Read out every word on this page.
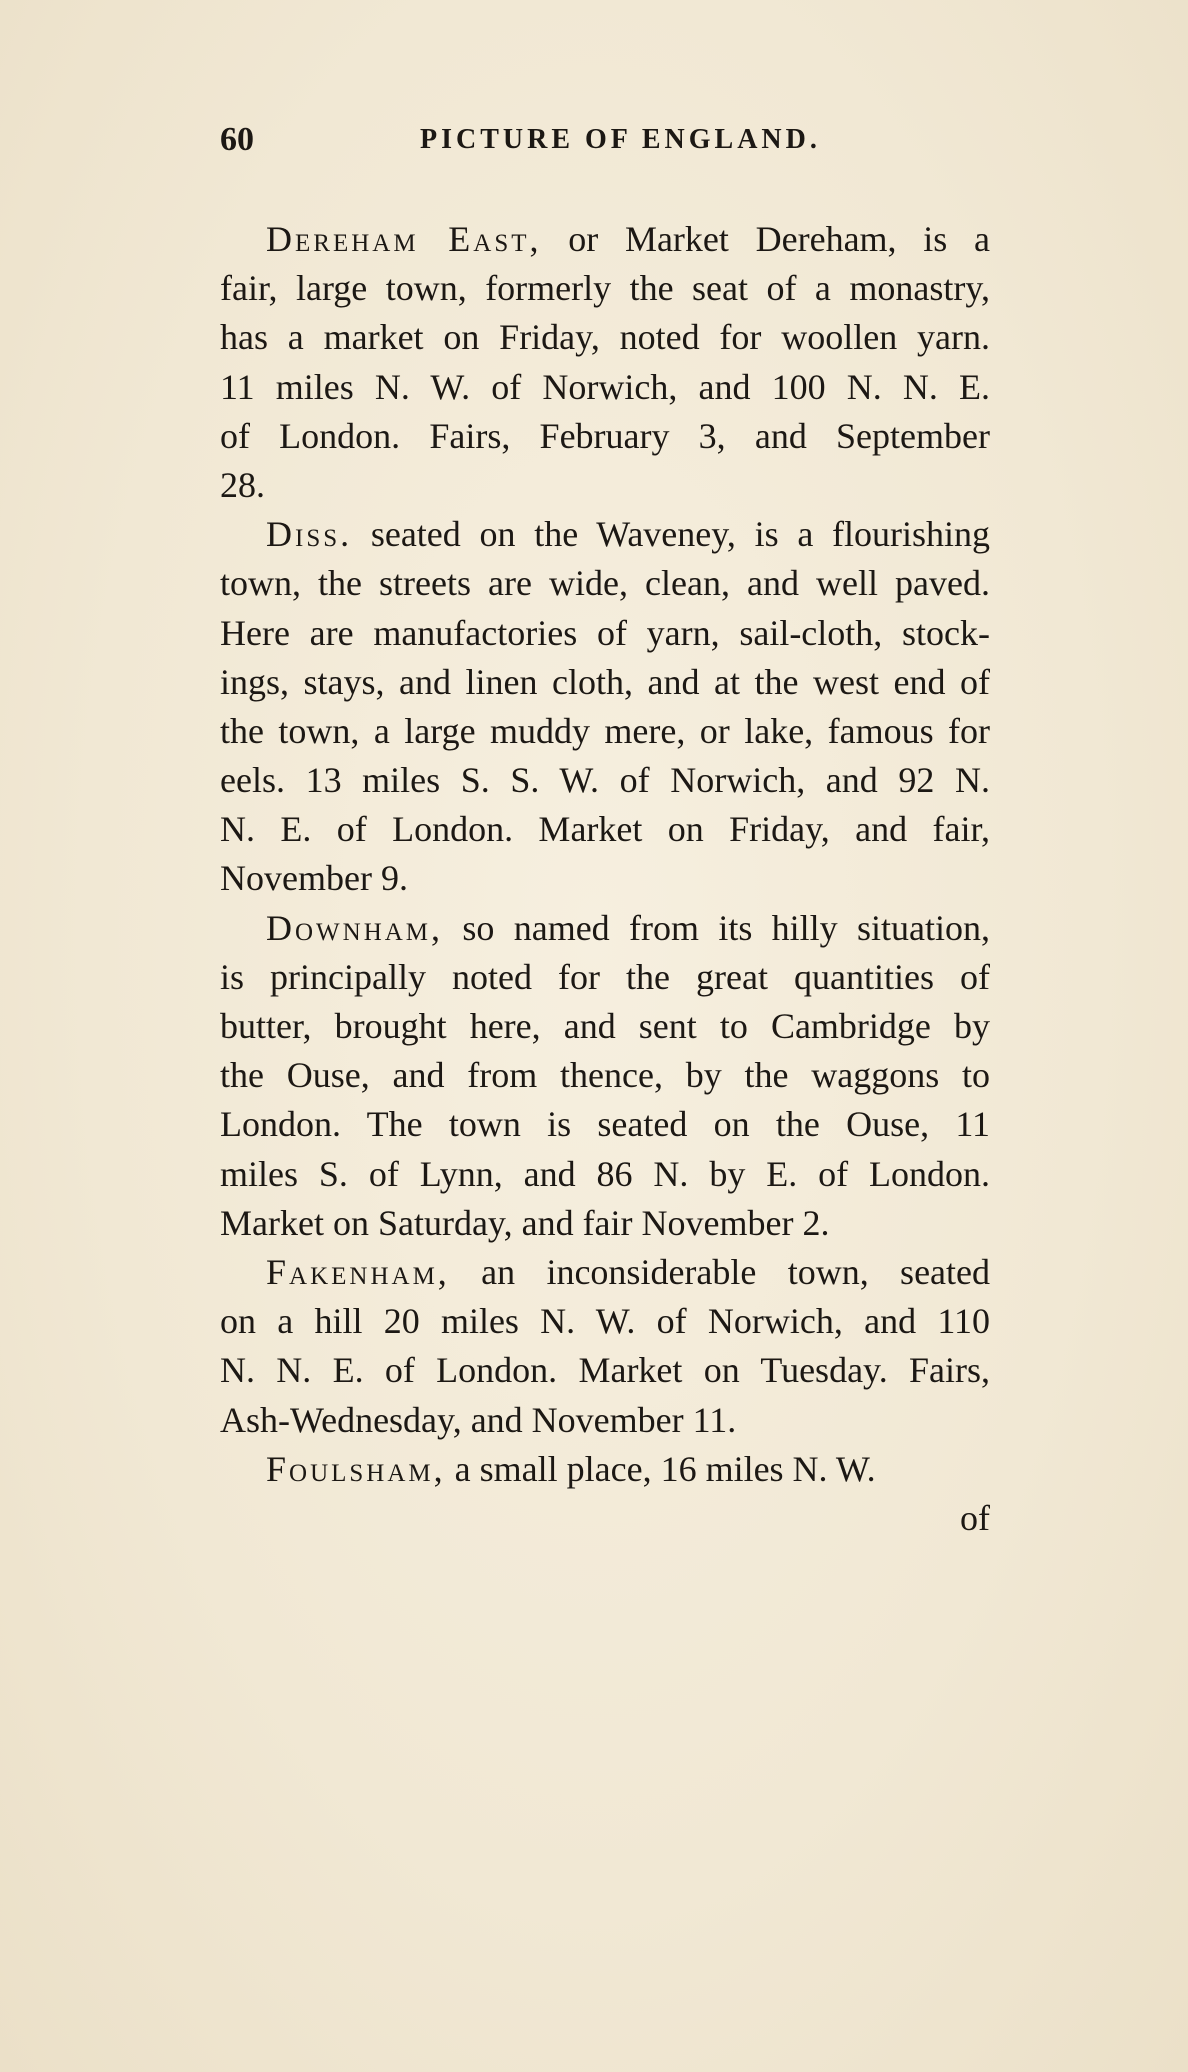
60	PICTURE OF ENGLAND.
Dereham East, or Market Dereham, is a
fair, large town, formerly the seat of a monastry,
has a market on Friday, noted for woollen yarn.
11 miles N. W. of Norwich, and 100 N. N. E.
of London. Fairs, February 3, and September
28.
Diss. seated on the Waveney, is a flourishing
town, the streets are wide, clean, and well paved.
Here are manufactories of yarn, sail-cloth, stock-
ings, stays, and linen cloth, and at the west end of
the town, a large muddy mere, or lake, famous for
eels. 13 miles S. S. W. of Norwich, and 92 N.
N. E. of London. Market on Friday, and fair,
November 9.
Downham, so named from its hilly situation,
is principally noted for the great quantities of
butter, brought here, and sent to Cambridge by
the Ouse, and from thence, by the waggons to
London. The town is seated on the Ouse, 11
miles S. of Lynn, and 86 N. by E. of London.
Market on Saturday, and fair November 2.
Fakenham, an inconsiderable town, seated
on a hill 20 miles N. W. of Norwich, and 110
N. N. E. of London. Market on Tuesday. Fairs,
Ash-Wednesday, and November 11.
Foulsham, a small place, 16 miles N. W.
of
